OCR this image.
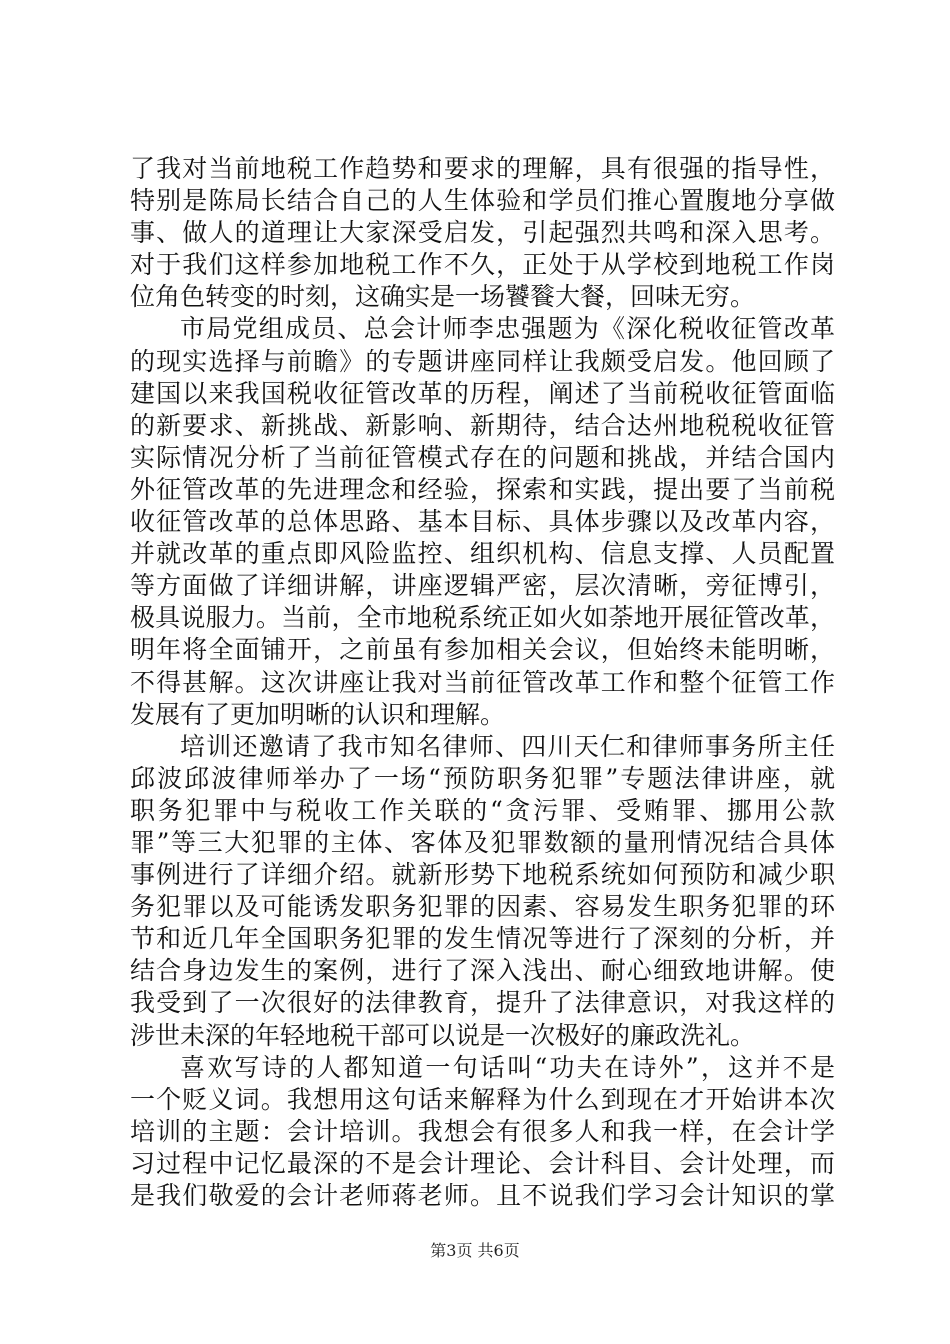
了我对当前地税工作趋势和要求的理解，具有很强的指导性，
特别是陈局长结合自己的人生体验和学员们推心置腹地分享做
事、做人的道理让大家深受启发，引起强烈共鸣和深入思考。
对于我们这样参加地税工作不久，正处于从学校到地税工作岗
位角色转变的时刻，这确实是一场饕餮大餐，回味无穷。
市局党组成员、总会计师李忠强题为《深化税收征管改革
的现实选择与前瞻》的专题讲座同样让我颇受启发。他回顾了
建国以来我国税收征管改革的历程，阐述了当前税收征管面临
的新要求、新挑战、新影响、新期待，结合达州地税税收征管
实际情况分析了当前征管模式存在的问题和挑战，并结合国内
外征管改革的先进理念和经验，探索和实践，提出要了当前税
收征管改革的总体思路、基本目标、具体步骤以及改革内容，
并就改革的重点即风险监控、组织机构、信息支撑、人员配置
等方面做了详细讲解，讲座逻辑严密，层次清晰，旁征博引，
极具说服力。当前，全市地税系统正如火如荼地开展征管改革，
明年将全面铺开，之前虽有参加相关会议，但始终未能明晰，
不得甚解。这次讲座让我对当前征管改革工作和整个征管工作
发展有了更加明晰的认识和理解。
培训还邀请了我市知名律师、四川天仁和律师事务所主任
邱波邱波律师举办了一场“预防职务犯罪”专题法律讲座，就
职务犯罪中与税收工作关联的“贪污罪、受贿罪、挪用公款
罪”等三大犯罪的主体、客体及犯罪数额的量刑情况结合具体
事例进行了详细介绍。就新形势下地税系统如何预防和减少职
务犯罪以及可能诱发职务犯罪的因素、容易发生职务犯罪的环
节和近几年全国职务犯罪的发生情况等进行了深刻的分析，并
结合身边发生的案例，进行了深入浅出、耐心细致地讲解。使
我受到了一次很好的法律教育，提升了法律意识，对我这样的
涉世未深的年轻地税干部可以说是一次极好的廉政洗礼。
喜欢写诗的人都知道一句话叫“功夫在诗外”，这并不是
一个贬义词。我想用这句话来解释为什么到现在才开始讲本次
培训的主题：会计培训。我想会有很多人和我一样，在会计学
习过程中记忆最深的不是会计理论、会计科目、会计处理，而
是我们敬爱的会计老师蒋老师。且不说我们学习会计知识的掌
第3页 共6页
